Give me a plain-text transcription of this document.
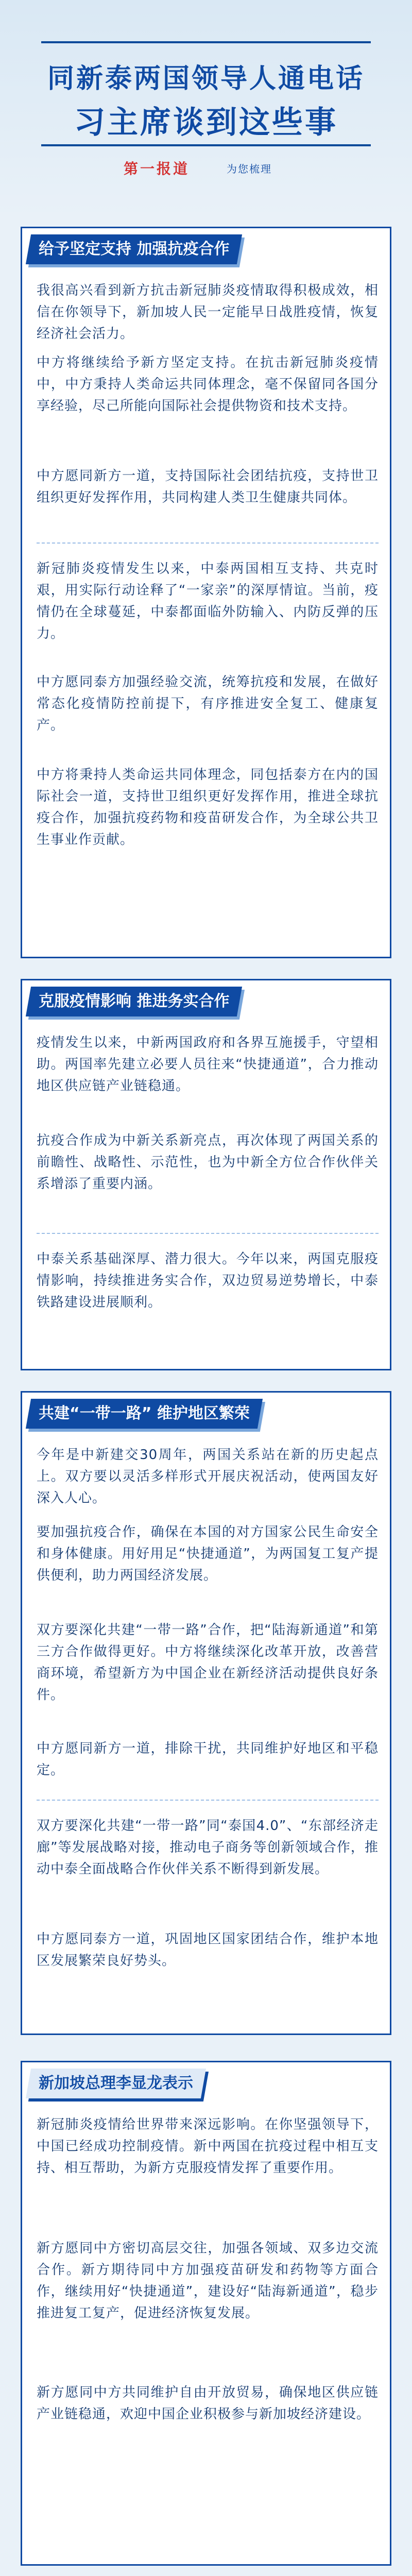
同新泰两国领导人通电话
习主席谈到这些事
第一报道	为您梳理
给予坚定支持 加强抗疫合作
我很高兴看到新方抗击新冠肺炎疫情取得积极成效，相信在你领导下，新加坡人民一定能早日战胜疫情，恢复经济社会活力。
中方将继续给予新方坚定支持。在抗击新冠肺炎疫情中，中方秉持人类命运共同体理念，毫不保留同各国分享经验，尽己所能向国际社会提供物资和技术支持。
中方愿同新方一道，支持国际社会团结抗疫，支持世卫组织更好发挥作用，共同构建人类卫生健康共同体。
新冠肺炎疫情发生以来，中泰两国相互支持、共克时艰，用实际行动诠释了“一家亲”的深厚情谊。当前，疫情仍在全球蔓延，中泰都面临外防输入、内防反弹的压力。
中方愿同泰方加强经验交流，统筹抗疫和发展，在做好常态化疫情防控前提下，有序推进安全复工、健康复产。
中方将秉持人类命运共同体理念，同包括泰方在内的国际社会一道，支持世卫组织更好发挥作用，推进全球抗疫合作，加强抗疫药物和疫苗研发合作，为全球公共卫生事业作贡献。
克服疫情影响 推进务实合作
疫情发生以来，中新两国政府和各界互施援手，守望相助。两国率先建立必要人员往来“快捷通道”，合力推动地区供应链产业链稳通。
抗疫合作成为中新关系新亮点，再次体现了两国关系的前瞻性、战略性、示范性，也为中新全方位合作伙伴关系增添了重要内涵。
中泰关系基础深厚、潜力很大。今年以来，两国克服疫情影响，持续推进务实合作，双边贸易逆势增长，中泰铁路建设进展顺利。
共建“一带一路” 维护地区繁荣
今年是中新建交30周年，两国关系站在新的历史起点上。双方要以灵活多样形式开展庆祝活动，使两国友好深入人心。
要加强抗疫合作，确保在本国的对方国家公民生命安全和身体健康。用好用足“快捷通道”，为两国复工复产提供便利，助力两国经济发展。
双方要深化共建“一带一路”合作，把“陆海新通道”和第三方合作做得更好。中方将继续深化改革开放，改善营商环境，希望新方为中国企业在新经济活动提供良好条件。
中方愿同新方一道，排除干扰，共同维护好地区和平稳定。
双方要深化共建“一带一路”同“泰国4.0”、“东部经济走廊”等发展战略对接，推动电子商务等创新领域合作，推动中泰全面战略合作伙伴关系不断得到新发展。
中方愿同泰方一道，巩固地区国家团结合作，维护本地区发展繁荣良好势头。
新加坡总理李显龙表示
新冠肺炎疫情给世界带来深远影响。在你坚强领导下，中国已经成功控制疫情。新中两国在抗疫过程中相互支持、相互帮助，为新方克服疫情发挥了重要作用。
新方愿同中方密切高层交往，加强各领域、双多边交流合作。新方期待同中方加强疫苗研发和药物等方面合作，继续用好“快捷通道”，建设好“陆海新通道”，稳步推进复工复产，促进经济恢复发展。
新方愿同中方共同维护自由开放贸易，确保地区供应链产业链稳通，欢迎中国企业积极参与新加坡经济建设。
